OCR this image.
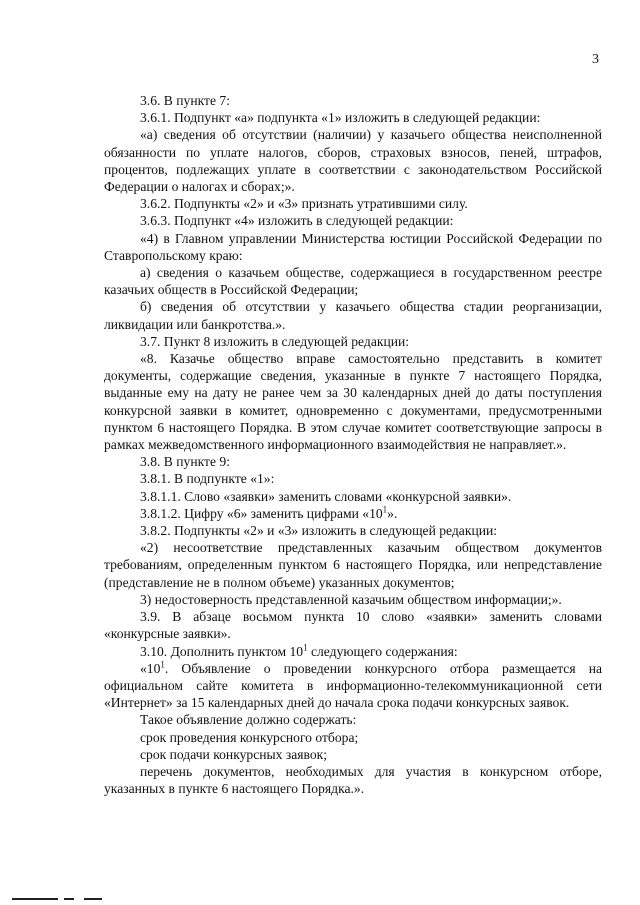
3

3.6. В пункте 7:

3.6.1. Подпункт «а» подпункта «1» изложить в следующей редакции:

«а) сведения об отсутствии (наличии) у казачьего общества неисполненной обязанности по уплате налогов, сборов, страховых взносов, пеней, штрафов, процентов, подлежащих уплате в соответствии с законодательством Российской Федерации о налогах и сборах;».

3.6.2. Подпункты «2» и «3» признать утратившими силу.

3.6.3. Подпункт «4» изложить в следующей редакции:

«4) в Главном управлении Министерства юстиции Российской Федерации по Ставропольскому краю:

а) сведения о казачьем обществе, содержащиеся в государственном реестре казачьих обществ в Российской Федерации;

б) сведения об отсутствии у казачьего общества стадии реорганизации, ликвидации или банкротства.».

3.7. Пункт 8 изложить в следующей редакции:

«8. Казачье общество вправе самостоятельно представить в комитет документы, содержащие сведения, указанные в пункте 7 настоящего Порядка, выданные ему на дату не ранее чем за 30 календарных дней до даты поступления конкурсной заявки в комитет, одновременно с документами, предусмотренными пунктом 6 настоящего Порядка. В этом случае комитет соответствующие запросы в рамках межведомственного информационного взаимодействия не направляет.».

3.8. В пункте 9:

3.8.1. В подпункте «1»:

3.8.1.1. Слово «заявки» заменить словами «конкурсной заявки».

3.8.1.2. Цифру «6» заменить цифрами «$10^1$».

3.8.2. Подпункты «2» и «3» изложить в следующей редакции:

«2) несоответствие представленных казачьим обществом документов требованиям, определенным пунктом 6 настоящего Порядка, или непредставление (представление не в полном объеме) указанных документов;

3) недостоверность представленной казачьим обществом информации;».

3.9. В абзаце восьмом пункта 10 слово «заявки» заменить словами «конкурсные заявки».

3.10. Дополнить пунктом $10^1$ следующего содержания:

«$10^1$. Объявление о проведении конкурсного отбора размещается на официальном сайте комитета в информационно-телекоммуникационной сети «Интернет» за 15 календарных дней до начала срока подачи конкурсных заявок.

Такое объявление должно содержать:

срок проведения конкурсного отбора;

срок подачи конкурсных заявок;

перечень документов, необходимых для участия в конкурсном отборе, указанных в пункте 6 настоящего Порядка.».
